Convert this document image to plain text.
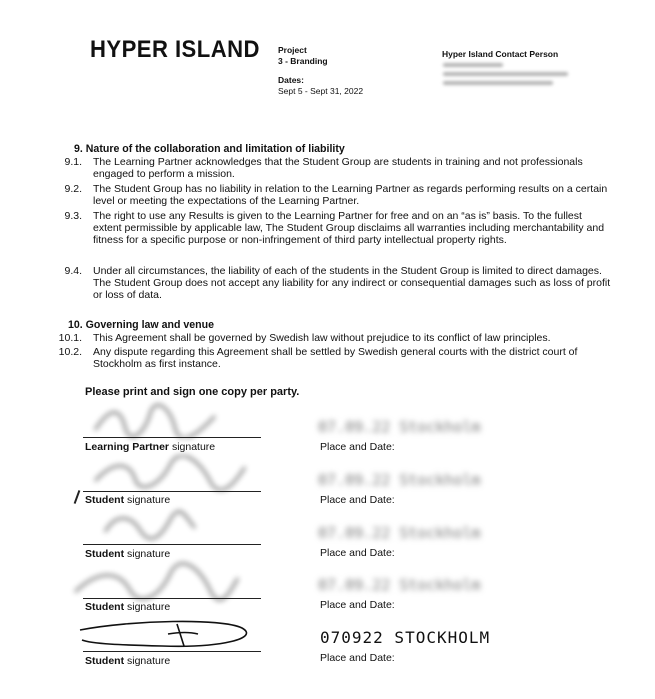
HYPER ISLAND Project
3 - Branding
Dates:
Sept 5 - Sept 31, 2022
Hyper Island Contact Person
9. Nature of the collaboration and limitation of liability
9.1. The Learning Partner acknowledges that the Student Group are students in training and not professionals engaged to perform a mission.
9.2. The Student Group has no liability in relation to the Learning Partner as regards performing results on a certain level or meeting the expectations of the Learning Partner.
9.3. The right to use any Results is given to the Learning Partner for free and on an “as is” basis. To the fullest extent permissible by applicable law, The Student Group disclaims all warranties including merchantability and fitness for a specific purpose or non-infringement of third party intellectual property rights.
9.4. Under all circumstances, the liability of each of the students in the Student Group is limited to direct damages. The Student Group does not accept any liability for any indirect or consequential damages such as loss of profit or loss of data.
10. Governing law and venue
10.1. This Agreement shall be governed by Swedish law without prejudice to its conflict of law principles.
10.2. Any dispute regarding this Agreement shall be settled by Swedish general courts with the district court of Stockholm as first instance.
Please print and sign one copy per party.
Learning Partner signature
07.09.22 Stockholm
Place and Date:
Student signature
07.09.22 Stockholm
Place and Date:
Student signature
07.09.22 Stockholm
Place and Date:
Student signature
07.09.22 Stockholm
Place and Date:
Student signature
070922 STOCKHOLM
Place and Date:
